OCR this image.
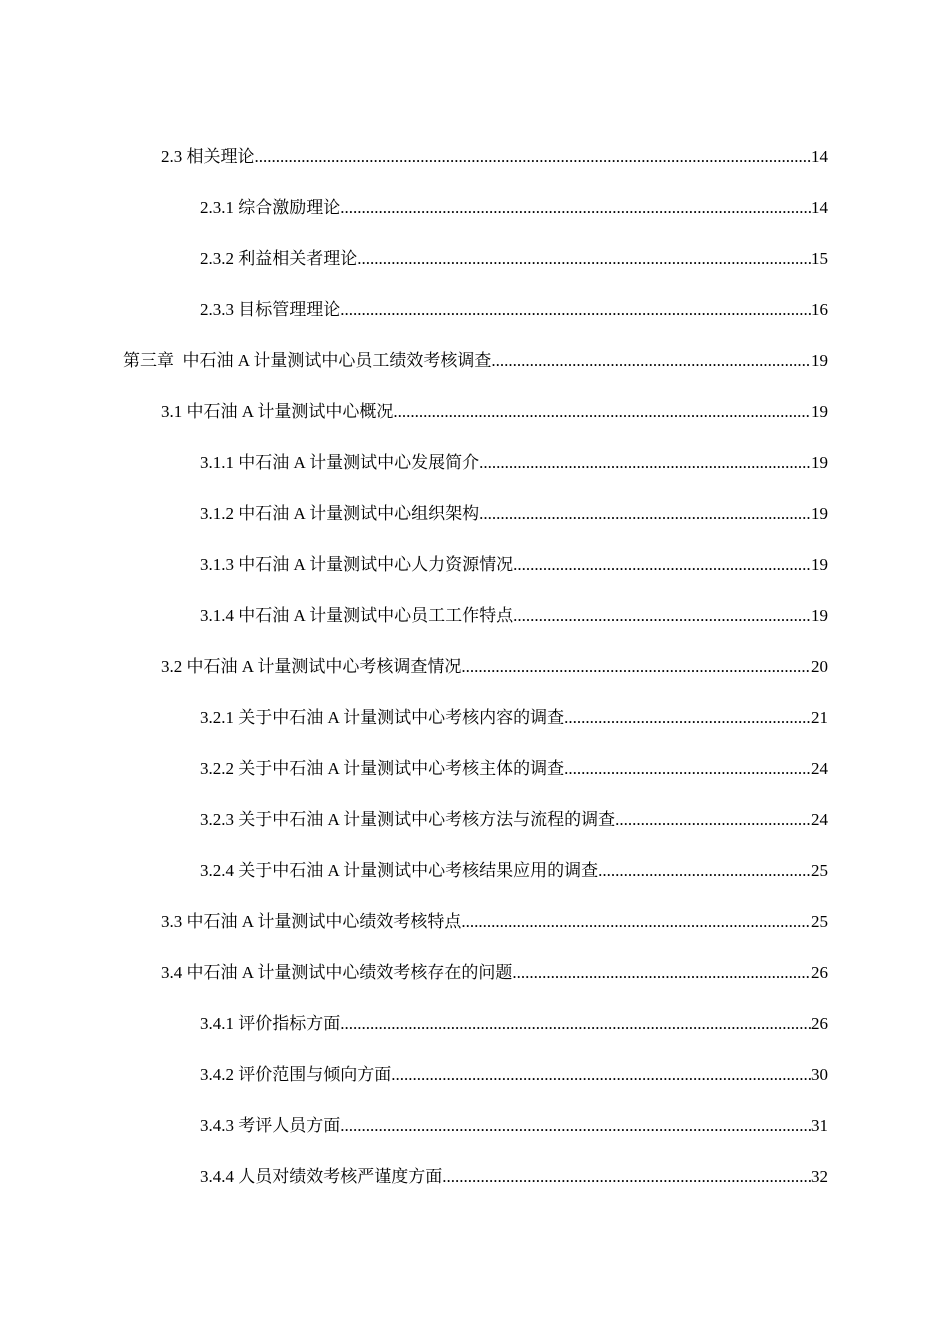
2.3 相关理论 .....	14
2.3.1 综合激励理论 .....	14
2.3.2 利益相关者理论 .....	15
2.3.3 目标管理理论 .....	16
第三章  中石油 A 计量测试中心员工绩效考核调查 .....	19
3.1 中石油 A 计量测试中心概况 .....	19
3.1.1 中石油 A 计量测试中心发展简介 .....	19
3.1.2 中石油 A 计量测试中心组织架构 .....	19
3.1.3 中石油 A 计量测试中心人力资源情况 .....	19
3.1.4 中石油 A 计量测试中心员工工作特点 .....	19
3.2 中石油 A 计量测试中心考核调查情况 .....	20
3.2.1 关于中石油 A 计量测试中心考核内容的调查 .....	21
3.2.2 关于中石油 A 计量测试中心考核主体的调查 .....	24
3.2.3 关于中石油 A 计量测试中心考核方法与流程的调查 .....	24
3.2.4 关于中石油 A 计量测试中心考核结果应用的调查 .....	25
3.3 中石油 A 计量测试中心绩效考核特点 .....	25
3.4 中石油 A 计量测试中心绩效考核存在的问题 .....	26
3.4.1 评价指标方面 .....	26
3.4.2 评价范围与倾向方面 .....	30
3.4.3 考评人员方面 .....	31
3.4.4 人员对绩效考核严谨度方面 .....	32
